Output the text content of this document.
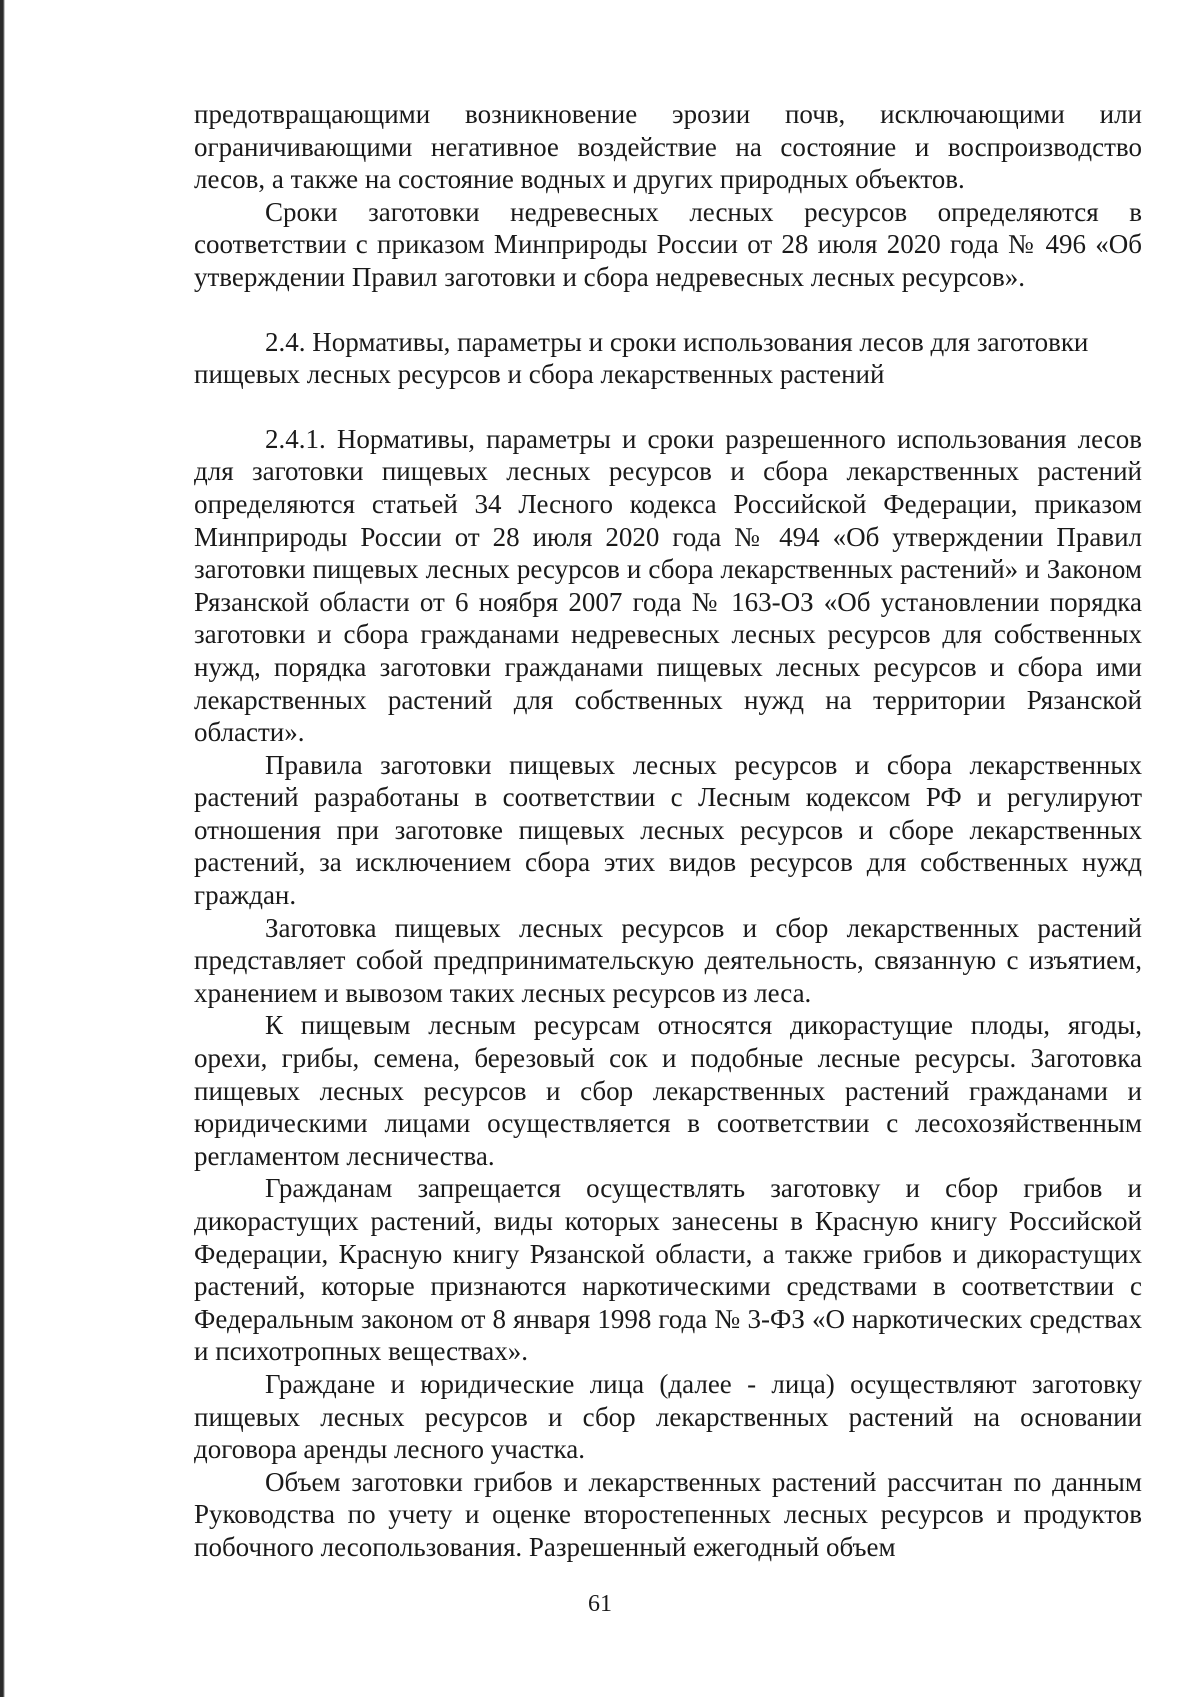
предотвращающими возникновение эрозии почв, исключающими или ограничивающими негативное воздействие на состояние и воспроизводство лесов, а также на состояние водных и других природных объектов.

Сроки заготовки недревесных лесных ресурсов определяются в соответствии с приказом Минприроды России от 28 июля 2020 года № 496 «Об утверждении Правил заготовки и сбора недревесных лесных ресурсов».

2.4. Нормативы, параметры и сроки использования лесов для заготовки пищевых лесных ресурсов и сбора лекарственных растений

2.4.1. Нормативы, параметры и сроки разрешенного использования лесов для заготовки пищевых лесных ресурсов и сбора лекарственных растений определяются статьей 34 Лесного кодекса Российской Федерации, приказом Минприроды России от 28 июля 2020 года № 494 «Об утверждении Правил заготовки пищевых лесных ресурсов и сбора лекарственных растений» и Законом Рязанской области от 6 ноября 2007 года № 163-ОЗ «Об установлении порядка заготовки и сбора гражданами недревесных лесных ресурсов для собственных нужд, порядка заготовки гражданами пищевых лесных ресурсов и сбора ими лекарственных растений для собственных нужд на территории Рязанской области».

Правила заготовки пищевых лесных ресурсов и сбора лекарственных растений разработаны в соответствии с Лесным кодексом РФ и регулируют отношения при заготовке пищевых лесных ресурсов и сборе лекарственных растений, за исключением сбора этих видов ресурсов для собственных нужд граждан.

Заготовка пищевых лесных ресурсов и сбор лекарственных растений представляет собой предпринимательскую деятельность, связанную с изъятием, хранением и вывозом таких лесных ресурсов из леса.

К пищевым лесным ресурсам относятся дикорастущие плоды, ягоды, орехи, грибы, семена, березовый сок и подобные лесные ресурсы. Заготовка пищевых лесных ресурсов и сбор лекарственных растений гражданами и юридическими лицами осуществляется в соответствии с лесохозяйственным регламентом лесничества.

Гражданам запрещается осуществлять заготовку и сбор грибов и дикорастущих растений, виды которых занесены в Красную книгу Российской Федерации, Красную книгу Рязанской области, а также грибов и дикорастущих растений, которые признаются наркотическими средствами в соответствии с Федеральным законом от 8 января 1998 года № 3-ФЗ «О наркотических средствах и психотропных веществах».

Граждане и юридические лица (далее - лица) осуществляют заготовку пищевых лесных ресурсов и сбор лекарственных растений на основании договора аренды лесного участка.

Объем заготовки грибов и лекарственных растений рассчитан по данным Руководства по учету и оценке второстепенных лесных ресурсов и продуктов побочного лесопользования. Разрешенный ежегодный объем

61
